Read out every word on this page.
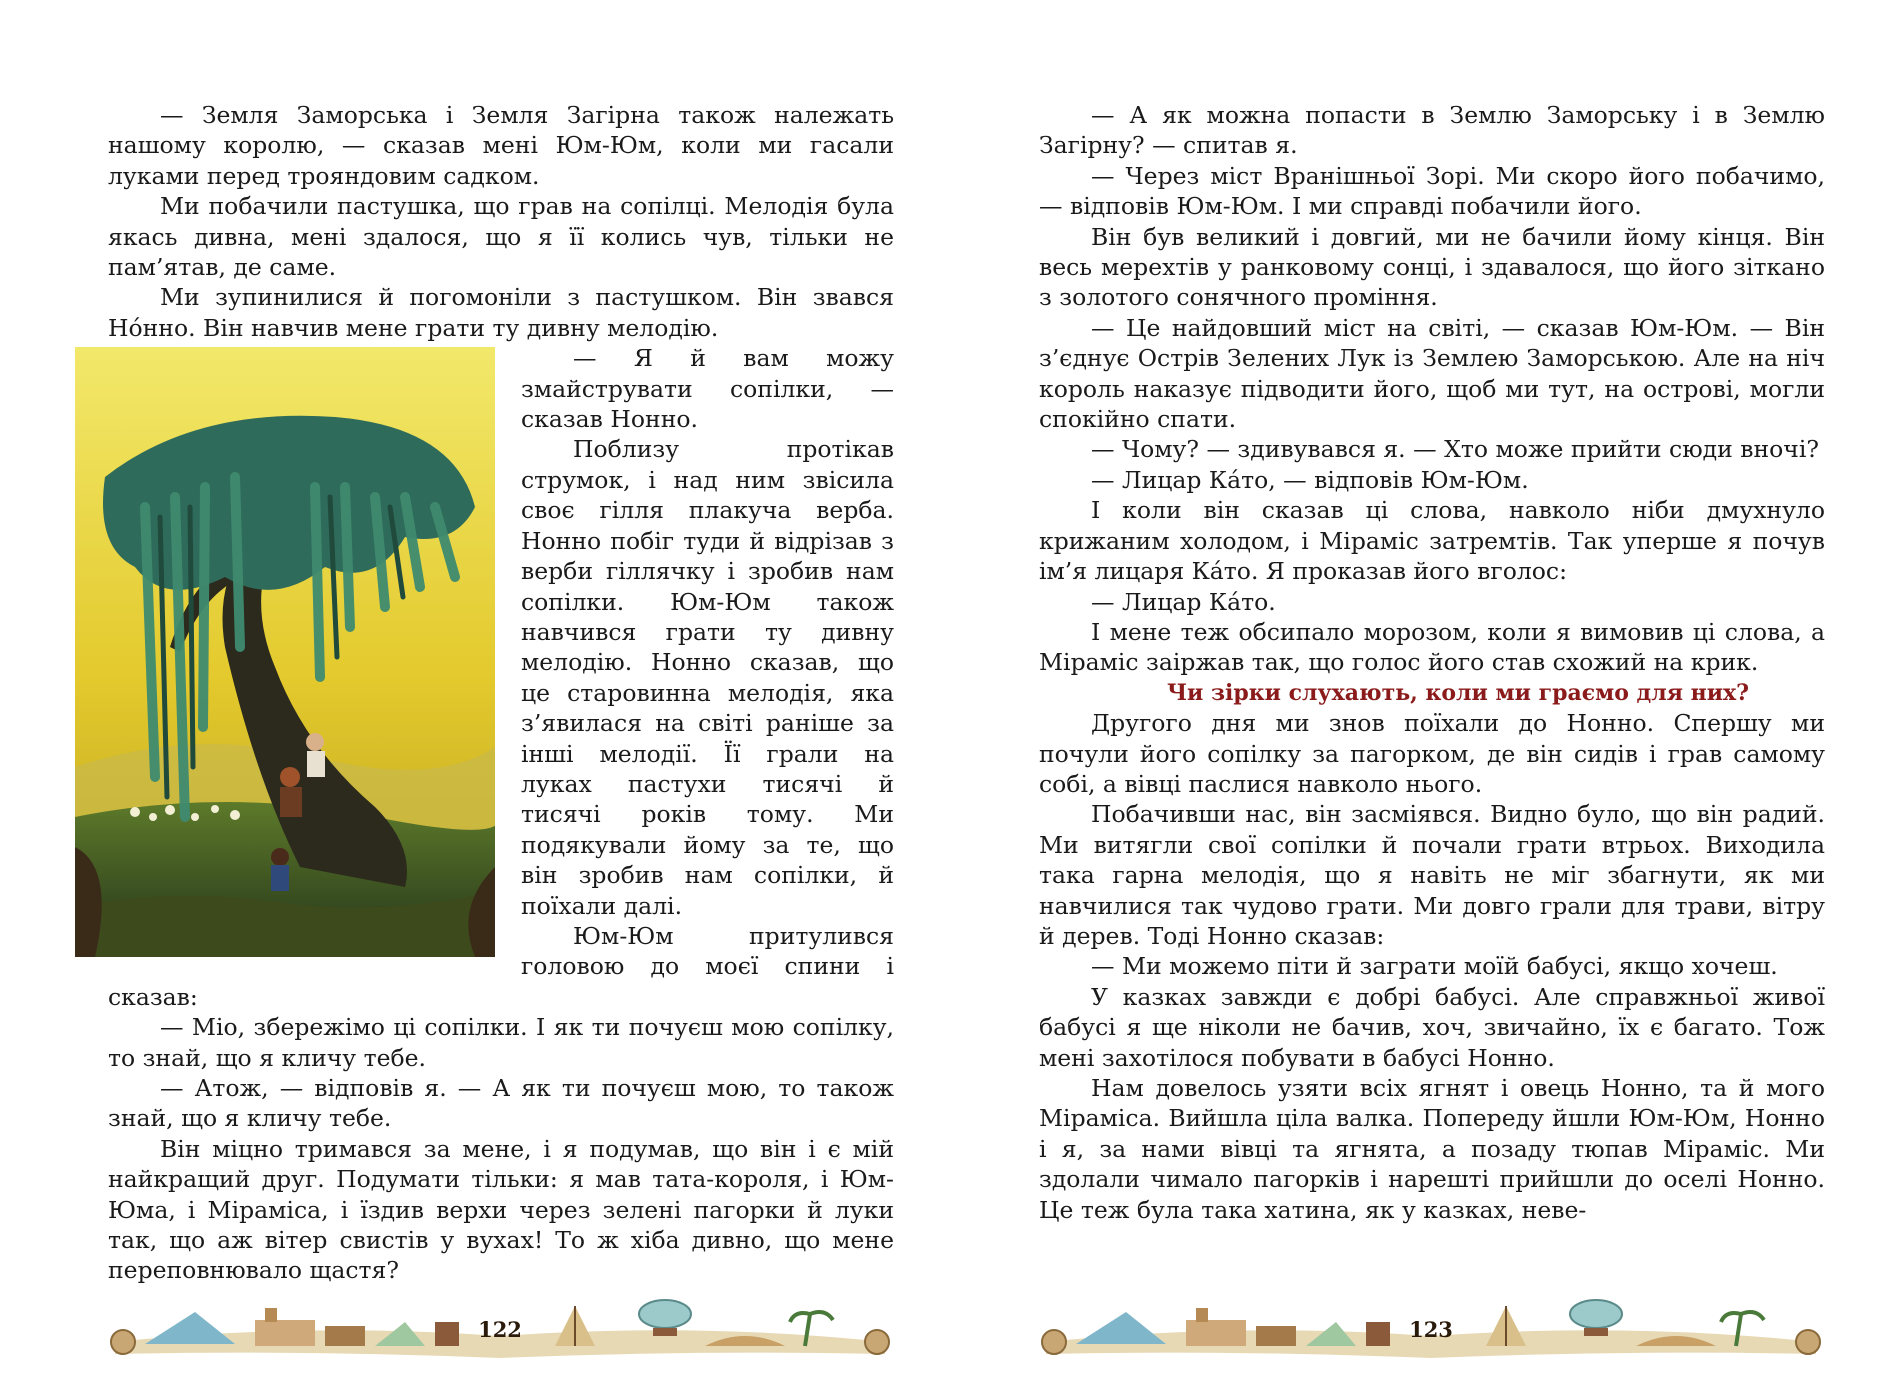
— Земля Заморська і Земля Загірна також належать нашому королю, — сказав мені Юм-Юм, коли ми гасали луками перед трояндовим садком.

Ми побачили пастушка, що грав на сопілці. Мелодія була якась дивна, мені здалося, що я її колись чув, тільки не пам’ятав, де саме.

Ми зупинилися й погомоніли з пастушком. Він звався Но́нно. Він навчив мене грати ту дивну мелодію.

— Я й вам можу змайструвати сопілки, — сказав Нонно.

Поблизу протікав струмок, і над ним звісила своє гілля плакуча верба. Нонно побіг туди й відрізав з верби гіллячку і зробив нам сопілки. Юм-Юм також навчився грати ту дивну мелодію. Нонно сказав, що це старовинна мелодія, яка з’явилася на світі раніше за інші мелодії. Її грали на луках пастухи тисячі й тисячі років тому. Ми подякували йому за те, що він зробив нам сопілки, й поїхали далі.

Юм-Юм притулився головою до моєї спини і сказав:

— Міо, збережімо ці сопілки. І як ти почуєш мою сопілку, то знай, що я кличу тебе.

— Атож, — відповів я. — А як ти почуєш мою, то також знай, що я кличу тебе.

Він міцно тримався за мене, і я подумав, що він і є мій найкращий друг. Подумати тільки: я мав тата-короля, і Юм-Юма, і Міраміса, і їздив верхи через зелені пагорки й луки так, що аж вітер свистів у вухах! То ж хіба дивно, що мене переповнювало щастя?

122

— А як можна попасти в Землю Заморську і в Землю Загірну? — спитав я.

— Через міст Вранішньої Зорі. Ми скоро його побачимо, — відповів Юм-Юм. І ми справді побачили його.

Він був великий і довгий, ми не бачили йому кінця. Він весь мерехтів у ранковому сонці, і здавалося, що його зіткано з золотого сонячного проміння.

— Це найдовший міст на світі, — сказав Юм-Юм. — Він з’єднує Острів Зелених Лук із Землею Заморською. Але на ніч король наказує підводити його, щоб ми тут, на острові, могли спокійно спати.

— Чому? — здивувався я. — Хто може прийти сюди вночі?

— Лицар Ка́то, — відповів Юм-Юм.

І коли він сказав ці слова, навколо ніби дмухнуло крижаним холодом, і Міраміс затремтів. Так уперше я почув ім’я лицаря Ка́то. Я проказав його вголос:

— Лицар Ка́то.

І мене теж обсипало морозом, коли я вимовив ці слова, а Міраміс заіржав так, що голос його став схожий на крик.

Чи зірки слухають, коли ми граємо для них?

Другого дня ми знов поїхали до Нонно. Спершу ми почули його сопілку за пагорком, де він сидів і грав самому собі, а вівці паслися навколо нього.

Побачивши нас, він засміявся. Видно було, що він радий. Ми витягли свої сопілки й почали грати втрьох. Виходила така гарна мелодія, що я навіть не міг збагнути, як ми навчилися так чудово грати. Ми довго грали для трави, вітру й дерев. Тоді Нонно сказав:

— Ми можемо піти й заграти моїй бабусі, якщо хочеш.

У казках завжди є добрі бабусі. Але справжньої живої бабусі я ще ніколи не бачив, хоч, звичайно, їх є багато. Тож мені захотілося побувати в бабусі Нонно.

Нам довелось узяти всіх ягнят і овець Нонно, та й мого Міраміса. Вийшла ціла валка. Попереду йшли Юм-Юм, Нонно і я, за нами вівці та ягнята, а позаду тюпав Міраміс. Ми здолали чимало пагорків і нарешті прийшли до оселі Нонно. Це теж була така хатина, як у казках, неве-

123
